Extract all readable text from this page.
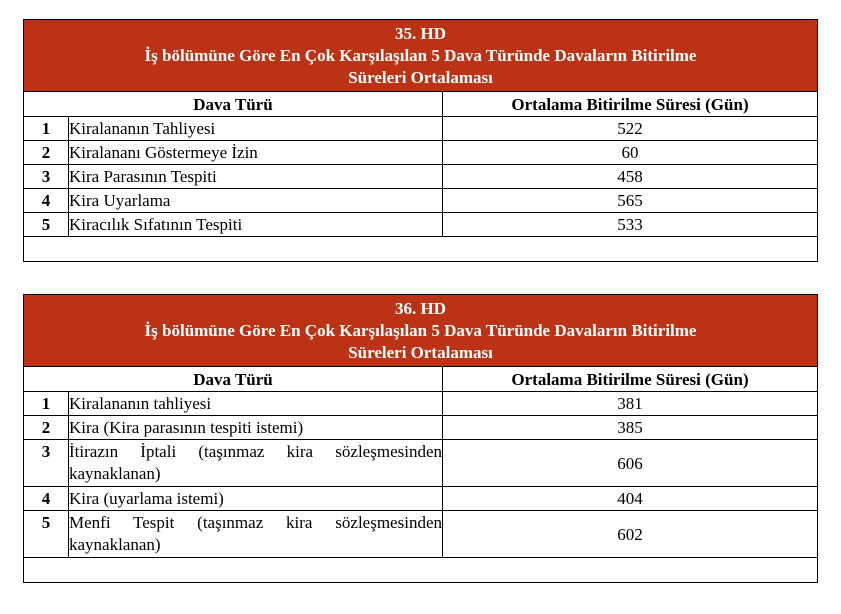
35. HD
İş bölümüne Göre En Çok Karşılaşılan 5 Dava Türünde Davaların Bitirilme
Süreleri Ortalaması		

Dava Türü		Ortalama Bitirilme Süresi (Gün)
1	Kiralananın Tahliyesi	522
2	Kiralananı Göstermeye İzin	60
3	Kira Parasının Tespiti	458
4	Kira Uyarlama	565
5	Kiracılık Sıfatının Tespiti	533

36. HD
İş bölümüne Göre En Çok Karşılaşılan 5 Dava Türünde Davaların Bitirilme
Süreleri Ortalaması		

Dava Türü		Ortalama Bitirilme Süresi (Gün)
1	Kiralananın tahliyesi	381
2	Kira (Kira parasının tespiti istemi)	385
3	İtirazın İptali (taşınmaz kira sözleşmesinden kaynaklanan)	606
4	Kira (uyarlama istemi)	404
5	Menfi Tespit (taşınmaz kira sözleşmesinden kaynaklanan)	602
